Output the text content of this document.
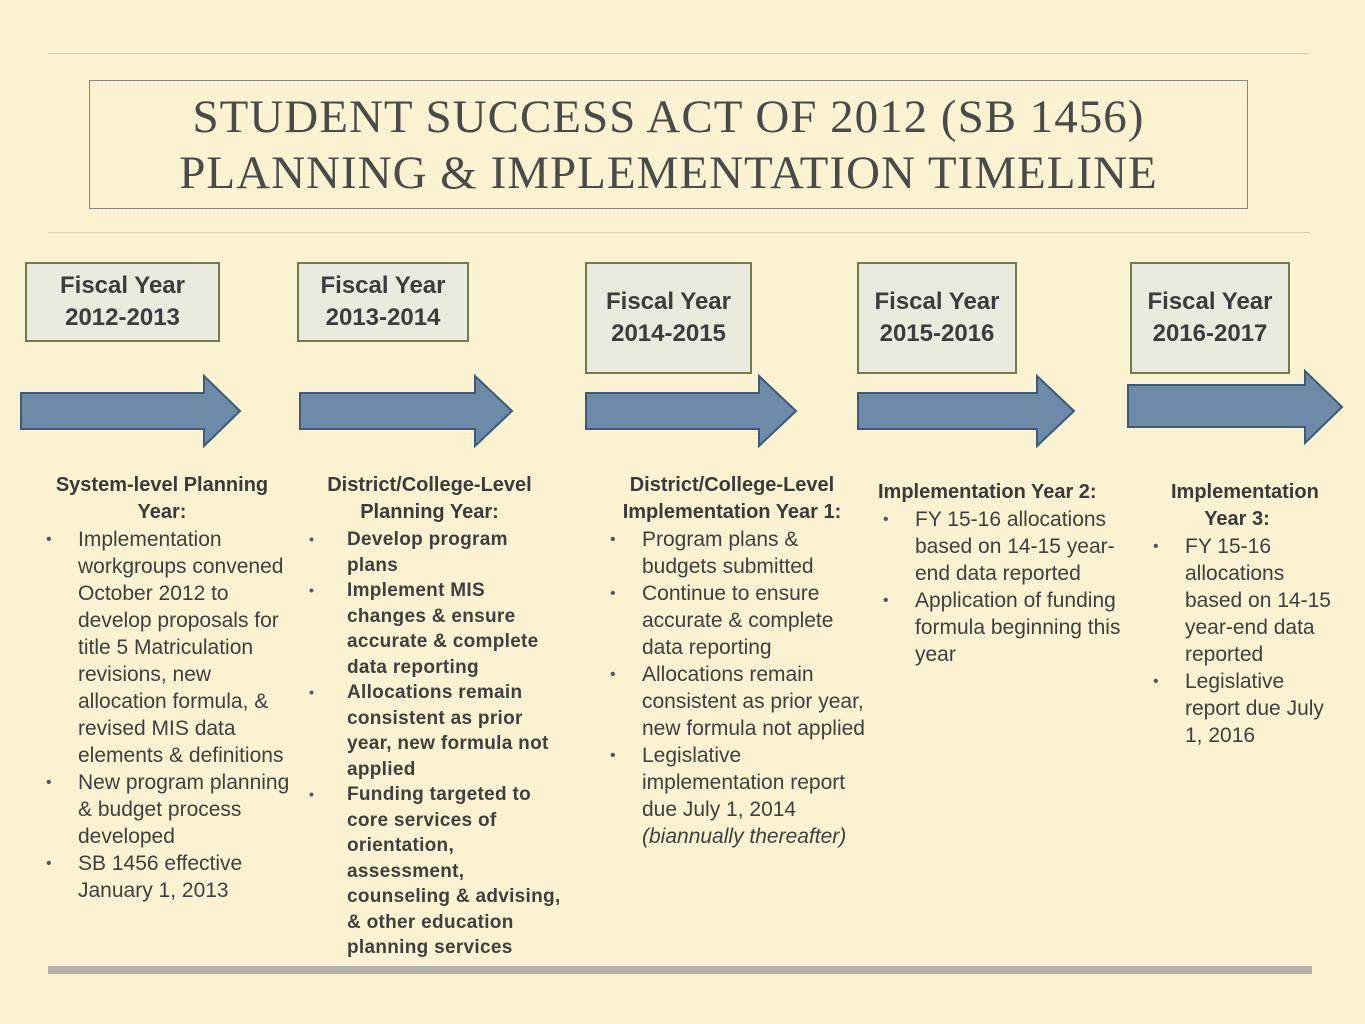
STUDENT SUCCESS ACT OF 2012 (SB 1456)
PLANNING & IMPLEMENTATION TIMELINE
Fiscal Year 2012-2013
Fiscal Year 2013-2014
Fiscal Year 2014-2015
Fiscal Year 2015-2016
Fiscal Year 2016-2017
System-level Planning Year:
• Implementation workgroups convened October 2012 to develop proposals for title 5 Matriculation revisions, new allocation formula, & revised MIS data elements & definitions
• New program planning & budget process developed
• SB 1456 effective January 1, 2013
District/College-Level Planning Year:
• Develop program plans
• Implement MIS changes & ensure accurate & complete data reporting
• Allocations remain consistent as prior year, new formula not applied
• Funding targeted to core services of orientation, assessment, counseling & advising, & other education planning services
District/College-Level Implementation Year 1:
• Program plans & budgets submitted
• Continue to ensure accurate & complete data reporting
• Allocations remain consistent as prior year, new formula not applied
• Legislative implementation report due July 1, 2014 (biannually thereafter)
Implementation Year 2:
• FY 15-16 allocations based on 14-15 year-end data reported
• Application of funding formula beginning this year
Implementation Year 3:
• FY 15-16 allocations based on 14-15 year-end data reported
• Legislative report due July 1, 2016
